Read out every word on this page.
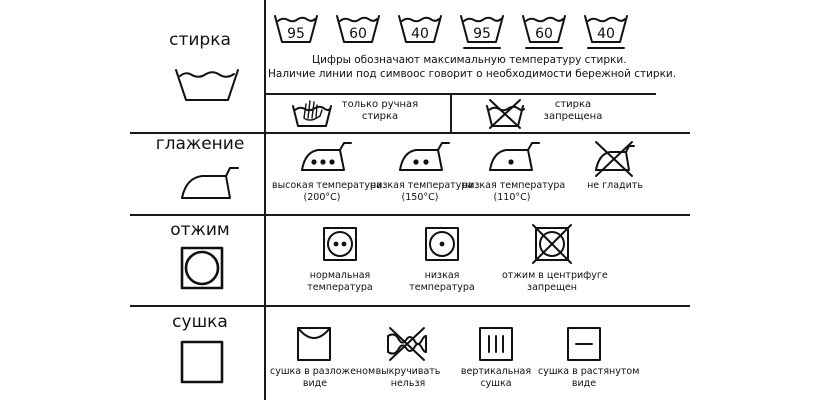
стирка	95	60	40	95	60	40
Цифры обозначают максимальную температуру стирки.
Наличие линии под симвоос говорит о необходимости бережной стирки.
только ручная
стирка
стирка
запрещена
глажение
высокая температура
(200°C)
низкая температура
(150°C)
низкая температура
(110°C)
не гладить
отжим
нормальная
температура
низкая
температура
отжим в центрифуге
запрещен
сушка
сушка в разложеном
виде
выкручивать
нельзя
вертикальная
сушка
сушка в растянутом
виде
